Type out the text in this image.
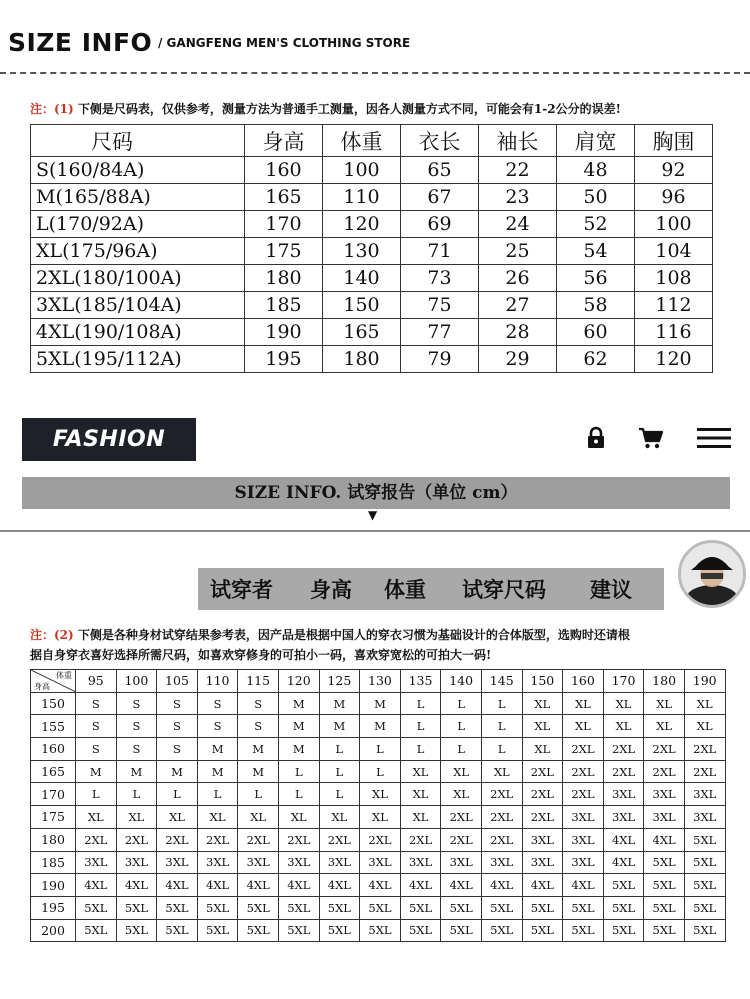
SIZE INFO / GANGFENG MEN'S CLOTHING STORE
注：(1) 下侧是尺码表，仅供参考，测量方法为普通手工测量，因各人测量方式不同，可能会有1-2公分的误差!
尺码	身高	体重	衣长	袖长	肩宽	胸围
S(160/84A)	160	100	65	22	48	92
M(165/88A)	165	110	67	23	50	96
L(170/92A)	170	120	69	24	52	100
XL(175/96A)	175	130	71	25	54	104
2XL(180/100A)	180	140	73	26	56	108
3XL(185/104A)	185	150	75	27	58	112
4XL(190/108A)	190	165	77	28	60	116
5XL(195/112A)	195	180	79	29	62	120
FASHION
SIZE INFO. 试穿报告（单位 cm）
▼
试穿者 身高 体重 试穿尺码 建议
注：(2) 下侧是各种身材试穿结果参考表，因产品是根据中国人的穿衣习惯为基础设计的合体版型，选购时还请根
据自身穿衣喜好选择所需尺码，如喜欢穿修身的可拍小一码，喜欢穿宽松的可拍大一码!
体重
身高	95	100	105	110	115	120	125	130	135	140	145	150	160	170	180	190
150	S	S	S	S	S	M	M	M	L	L	L	XL	XL	XL	XL	XL
155	S	S	S	S	S	M	M	M	L	L	L	XL	XL	XL	XL	XL
160	S	S	S	M	M	M	L	L	L	L	L	XL	2XL	2XL	2XL	2XL
165	M	M	M	M	M	L	L	L	XL	XL	XL	2XL	2XL	2XL	2XL	2XL
170	L	L	L	L	L	L	L	XL	XL	XL	2XL	2XL	2XL	3XL	3XL	3XL
175	XL	XL	XL	XL	XL	XL	XL	XL	XL	2XL	2XL	2XL	3XL	3XL	3XL	3XL
180	2XL	2XL	2XL	2XL	2XL	2XL	2XL	2XL	2XL	2XL	2XL	3XL	3XL	4XL	4XL	5XL
185	3XL	3XL	3XL	3XL	3XL	3XL	3XL	3XL	3XL	3XL	3XL	3XL	3XL	4XL	5XL	5XL
190	4XL	4XL	4XL	4XL	4XL	4XL	4XL	4XL	4XL	4XL	4XL	4XL	4XL	5XL	5XL	5XL
195	5XL	5XL	5XL	5XL	5XL	5XL	5XL	5XL	5XL	5XL	5XL	5XL	5XL	5XL	5XL	5XL
200	5XL	5XL	5XL	5XL	5XL	5XL	5XL	5XL	5XL	5XL	5XL	5XL	5XL	5XL	5XL	5XL
